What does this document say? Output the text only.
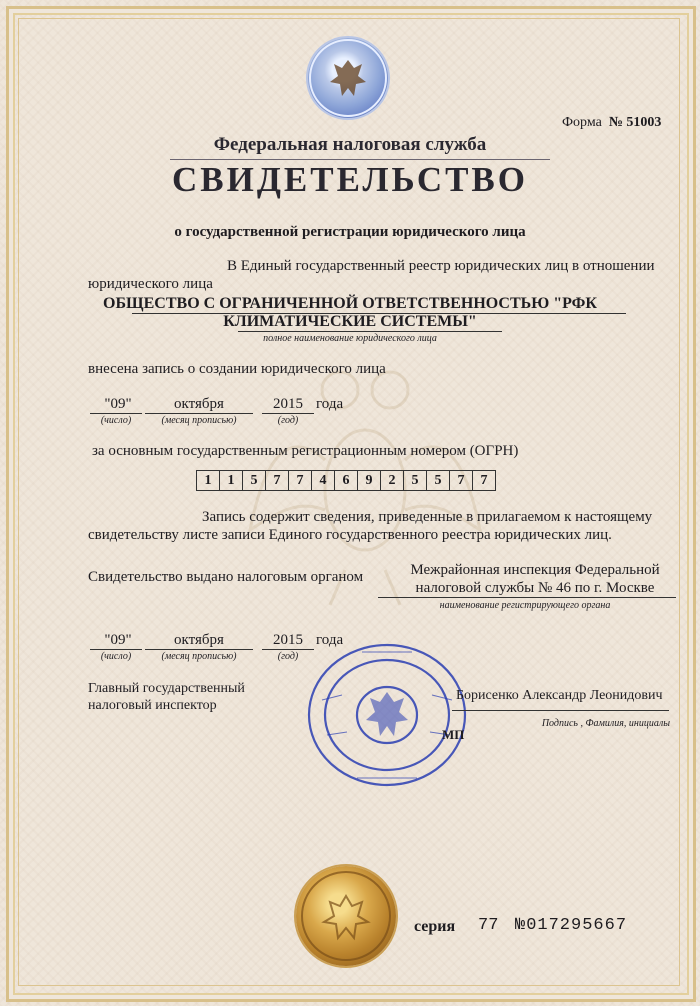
Форма № 51003
Федеральная налоговая служба
СВИДЕТЕЛЬСТВО
о государственной регистрации юридического лица
В Единый государственный реестр юридических лиц в отношении
юридического лица
ОБЩЕСТВО С ОГРАНИЧЕННОЙ ОТВЕТСТВЕННОСТЬЮ "РФК КЛИМАТИЧЕСКИЕ СИСТЕМЫ"
полное наименование юридического лица
внесена запись о создании юридического лица
"09"
(число)
октября
(месяц прописью)
2015
(год)
года
за основным государственным регистрационным номером (ОГРН)
1	1	5	7	7	4	6	9	2	5	5	7	7
Запись содержит сведения, приведенные в прилагаемом к настоящему
свидетельству листе записи Единого государственного реестра юридических лиц.
Свидетельство выдано налоговым органом	Межрайонная инспекция Федеральной налоговой службы № 46 по г. Москве
наименование регистрирующего органа
"09"
(число)
октября
(месяц прописью)
2015
(год)
года
Главный государственный налоговый инспектор
Борисенко Александр Леонидович
Подпись , Фамилия, инициалы
МП
серия 77 №017295667
